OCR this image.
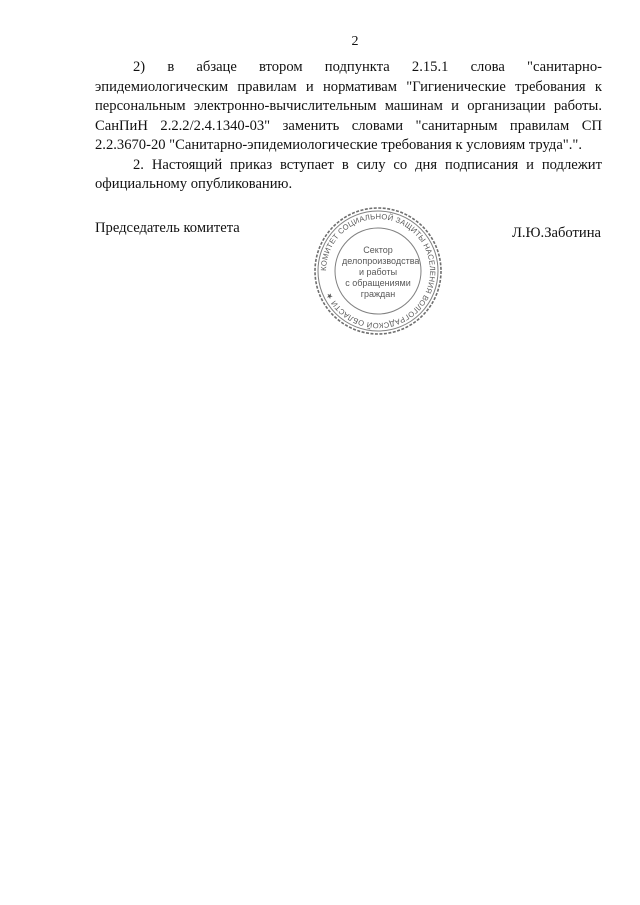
2

2) в абзаце втором подпункта 2.15.1 слова "санитарно-эпидемиологическим правилам и нормативам "Гигиенические требования к персональным электронно-вычислительным машинам и организации работы. СанПиН 2.2.2/2.4.1340-03" заменить словами "санитарным правилам СП 2.2.3670-20 "Санитарно-эпидемиологические требования к условиям труда".".

2. Настоящий приказ вступает в силу со дня подписания и подлежит официальному опубликованию.

Председатель комитета	Л.Ю.Заботина
КОМИТЕТ СОЦИАЛЬНОЙ ЗАЩИТЫ НАСЕЛЕНИЯ ВОЛГОГРАДСКОЙ ОБЛАСТИ ★
Сектор
делопроизводства
и работы
с обращениями
граждан
